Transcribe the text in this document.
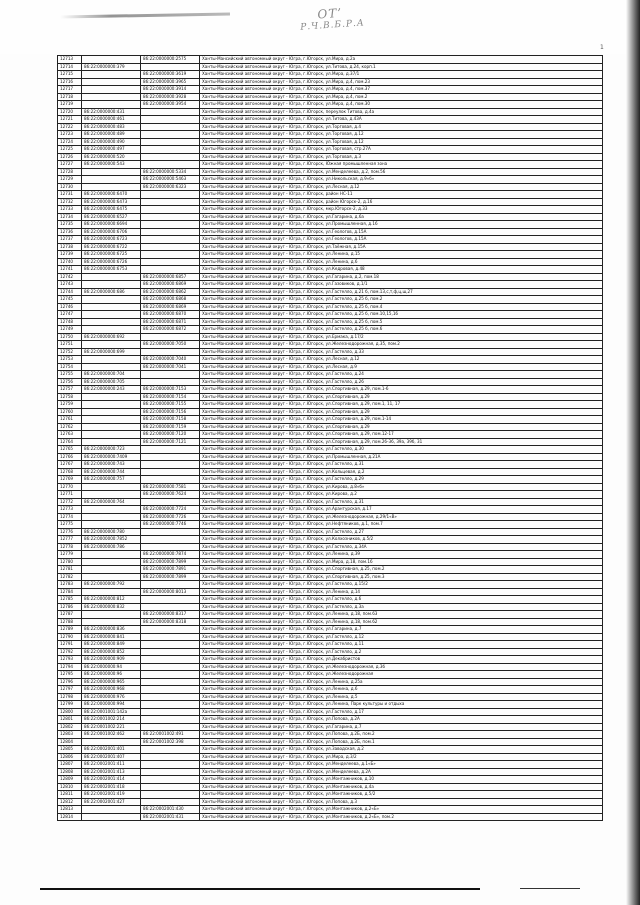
ОТ’
Р.Ч.В.Б.Р.А
1
12713		86:22:0000000:2575	Ханты-Мансийский автономный округ - Югра, г.Югорск, ул.Мира, д.2а
12714	86:22:0000000:379		Ханты-Мансийский автономный округ - Югра, г.Югорск, ул.Титова, д.24, корп.1
12715		86:22:0000000:3619	Ханты-Мансийский автономный округ - Югра, г.Югорск, ул.Мира, д.37/1
12716		86:22:0000000:3965	Ханты-Мансийский автономный округ - Югра, г.Югорск, ул.Мира, д.4, пом.23
12717		86:22:0000000:3914	Ханты-Мансийский автономный округ - Югра, г.Югорск, ул.Мира, д.4, пом.37
12718		86:22:0000000:3928	Ханты-Мансийский автономный округ - Югра, г.Югорск, ул.Мира, д.4, пом.2
12719		86:22:0000000:3954	Ханты-Мансийский автономный округ - Югра, г.Югорск, ул.Мира, д.4, пом.30
12720	86:22:0000000:431		Ханты-Мансийский автономный округ - Югра, г.Югорск, переулок Титова, д.4а
12721	86:22:0000000:461		Ханты-Мансийский автономный округ - Югра, г.Югорск, ул.Титова, д.43А
12722	86:22:0000000:483		Ханты-Мансийский автономный округ - Югра, г.Югорск, ул.Торговая, д.4
12723	86:22:0000000:489		Ханты-Мансийский автономный округ - Югра, г.Югорск, ул.Торговая, д.12
12724	86:22:0000000:490		Ханты-Мансийский автономный округ - Югра, г.Югорск, ул.Торговая, д.12
12725	86:22:0000000:497		Ханты-Мансийский автономный округ - Югра, г.Югорск, ул.Торговая, стр.27А
12726	86:22:0000000:520		Ханты-Мансийский автономный округ - Югра, г.Югорск, ул.Торговая, д.3
12727	86:22:0000000:543		Ханты-Мансийский автономный округ - Югра, г.Югорск, Южная промышленная зона
12728		86:22:0000000:5334	Ханты-Мансийский автономный округ - Югра, г.Югорск, ул.Менделеева, д.2, пом.56
12729		86:22:0000000:5463	Ханты-Мансийский автономный округ - Югра, г.Югорск, ул.Никольская, д.9«б»
12730		86:22:0000000:6323	Ханты-Мансийский автономный округ - Югра, г.Югорск, ул.Лесная, д.12
12731	86:22:0000000:6470		Ханты-Мансийский автономный округ - Югра, г.Югорск, район НС-11
12732	86:22:0000000:6473		Ханты-Мансийский автономный округ - Югра, г.Югорск, район Югорск-2, д.16
12733	86:22:0000000:6475		Ханты-Мансийский автономный округ - Югра, г.Югорск, мкр.Югорск-2, д.33
12734	86:22:0000000:6527		Ханты-Мансийский автономный округ - Югра, г.Югорск, ул.Гагарина, д.6а
12735	86:22:0000000:6694		Ханты-Мансийский автономный округ - Югра, г.Югорск, ул.Промышленная, д.16
12736	86:22:0000000:6706		Ханты-Мансийский автономный округ - Югра, г.Югорск, ул.Геологов, д.15А
12737	86:22:0000000:6723		Ханты-Мансийский автономный округ - Югра, г.Югорск, ул.Геологов, д.15А
12738	86:22:0000000:6722		Ханты-Мансийский автономный округ - Югра, г.Югорск, ул.Таёжная, д.15А
12739	86:22:0000000:6725		Ханты-Мансийский автономный округ - Югра, г.Югорск, ул.Ленина, д.15
12740	86:22:0000000:6726		Ханты-Мансийский автономный округ - Югра, г.Югорск, ул.Ленина, д.6
12741	86:22:0000000:6753		Ханты-Мансийский автономный округ - Югра, г.Югорск, ул.Кедровая, д.48
12742		86:22:0000000:6857	Ханты-Мансийский автономный округ - Югра, г.Югорск, ул.Гагарина, д.2, пом.18
12743		86:22:0000000:6869	Ханты-Мансийский автономный округ - Югра, г.Югорск, ул.Газовиков, д.1/1
12744	86:22:0000000:686	86:22:0000000:6862	Ханты-Мансийский автономный округ - Югра, г.Югорск, ул.Гастелло, д.21 б, пом.13,с,т,ф,ц,ш,27
12745		86:22:0000000:6868	Ханты-Мансийский автономный округ - Югра, г.Югорск, ул.Гастелло, д.25 б, пом.2
12746		86:22:0000000:6869	Ханты-Мансийский автономный округ - Югра, г.Югорск, ул.Гастелло, д.25 б, пом.4
12747		86:22:0000000:6870	Ханты-Мансийский автономный округ - Югра, г.Югорск, ул.Гастелло, д.25 б, пом.10,15,16
12748		86:22:0000000:6871	Ханты-Мансийский автономный округ - Югра, г.Югорск, ул.Гастелло, д.25 б, пом.5
12749		86:22:0000000:6872	Ханты-Мансийский автономный округ - Югра, г.Югорск, ул.Гастелло, д.25 б, пом.6
12750	86:22:0000000:692		Ханты-Мансийский автономный округ - Югра, г.Югорск, ул.Ермака, д.17/2
12751		86:22:0000000:7050	Ханты-Мансийский автономный округ - Югра, г.Югорск, ул.Железнодорожная, д.35, пом.2
12752	86:22:0000000:699		Ханты-Мансийский автономный округ - Югра, г.Югорск, ул.Гастелло, д.33
12753		86:22:0000000:7040	Ханты-Мансийский автономный округ - Югра, г.Югорск, ул.Лесная, д.12
12754		86:22:0000000:7041	Ханты-Мансийский автономный округ - Югра, г.Югорск, ул.Лесная, д.9
12755	86:22:0000000:704		Ханты-Мансийский автономный округ - Югра, г.Югорск, ул.Гастелло, д.24
12756	86:22:0000000:705		Ханты-Мансийский автономный округ - Югра, г.Югорск, ул.Гастелло, д.26
12757	86:22:0000000:243	86:22:0000000:7153	Ханты-Мансийский автономный округ - Югра, г.Югорск, ул.Спортивная, д.29, пом.1-6
12758		86:22:0000000:7154	Ханты-Мансийский автономный округ - Югра, г.Югорск, ул.Спортивная, д.29
12759		86:22:0000000:7155	Ханты-Мансийский автономный округ - Югра, г.Югорск, ул.Спортивная, д.29, пом.1, 11, 17
12760		86:22:0000000:7156	Ханты-Мансийский автономный округ - Югра, г.Югорск, ул.Спортивная, д.29
12761		86:22:0000000:7158	Ханты-Мансийский автономный округ - Югра, г.Югорск, ул.Спортивная, д.29, пом.1-14
12762		86:22:0000000:7159	Ханты-Мансийский автономный округ - Югра, г.Югорск, ул.Спортивная, д.29
12763		86:22:0000000:7120	Ханты-Мансийский автономный округ - Югра, г.Югорск, ул.Спортивная, д.29, пом.12-17
12764		86:22:0000000:7121	Ханты-Мансийский автономный округ - Югра, г.Югорск, ул.Спортивная, д.29, пом.26-36, 39а, 39б, 31
12765	86:22:0000000:723		Ханты-Мансийский автономный округ - Югра, г.Югорск, ул.Гастелло, д.30
12766	86:22:0000000:7409		Ханты-Мансийский автономный округ - Югра, г.Югорск, ул.Промышленная, д.21А
12767	86:22:0000000:743		Ханты-Мансийский автономный округ - Югра, г.Югорск, ул.Гастелло, д.31
12768	86:22:0000000:744		Ханты-Мансийский автономный округ - Югра, г.Югорск, ул.Кольцевая, д.2
12769	86:22:0000000:757		Ханты-Мансийский автономный округ - Югра, г.Югорск, ул.Гастелло, д.29
12770		86:22:0000000:7581	Ханты-Мансийский автономный округ - Югра, г.Югорск, ул.Кирова, д.8«б»
12771		86:22:0000000:7624	Ханты-Мансийский автономный округ - Югра, г.Югорск, ул.Кирова, д.2
12772	86:22:0000000:764		Ханты-Мансийский автономный округ - Югра, г.Югорск, ул.Гастелло, д.31
12773		86:22:0000000:7724	Ханты-Мансийский автономный округ - Югра, г.Югорск, ул.Арантурская, д.17
12774		86:22:0000000:7726	Ханты-Мансийский автономный округ - Югра, г.Югорск, ул.Железнодорожная, д.29/1«В»
12775		86:22:0000000:7746	Ханты-Мансийский автономный округ - Югра, г.Югорск, ул.Нефтяников, д.1, пом.7
12776	86:22:0000000:780		Ханты-Мансийский автономный округ - Югра, г.Югорск, ул.Гастелло, д.27
12777	86:22:0000000:7852		Ханты-Мансийский автономный округ - Югра, г.Югорск, ул.Колхозников, д.5/2
12778	86:22:0000000:786		Ханты-Мансийский автономный округ - Югра, г.Югорск, ул.Гастелло, д.34А
12779		86:22:0000000:7874	Ханты-Мансийский автономный округ - Югра, г.Югорск, ул.Ленина, д.39
12780		86:22:0000000:7899	Ханты-Мансийский автономный округ - Югра, г.Югорск, ул.Мира, д.18, пом.16
12781		86:22:0000000:7891	Ханты-Мансийский автономный округ - Югра, г.Югорск, ул.Спортивная, д.25, пом.2
12782		86:22:0000000:7899	Ханты-Мансийский автономный округ - Югра, г.Югорск, ул.Спортивная, д.25, пом.3
12783	86:22:0000000:792		Ханты-Мансийский автономный округ - Югра, г.Югорск, ул.Гастелло, д.15/2
12784		86:22:0000000:8013	Ханты-Мансийский автономный округ - Югра, г.Югорск, ул.Ленина, д.14
12785	86:22:0000000:812		Ханты-Мансийский автономный округ - Югра, г.Югорск, ул.Гастелло, д.6
12786	86:22:0000000:832		Ханты-Мансийский автономный округ - Югра, г.Югорск, ул.Гастелло, д.3а
12787		86:22:0000000:8317	Ханты-Мансийский автономный округ - Югра, г.Югорск, ул.Ленина, д.18, пом.63
12788		86:22:0000000:8318	Ханты-Мансийский автономный округ - Югра, г.Югорск, ул.Ленина, д.18, пом.62
12789	86:22:0000000:836		Ханты-Мансийский автономный округ - Югра, г.Югорск, ул.Гагарина, д.7
12790	86:22:0000000:841		Ханты-Мансийский автономный округ - Югра, г.Югорск, ул.Гастелло, д.12
12791	86:22:0000000:849		Ханты-Мансийский автономный округ - Югра, г.Югорск, ул.Гастелло, д.11
12792	86:22:0000000:852		Ханты-Мансийский автономный округ - Югра, г.Югорск, ул.Гастелло, д.2
12793	86:22:0000000:909		Ханты-Мансийский автономный округ - Югра, г.Югорск, ул.Декабристов
12794	86:22:0000000:94		Ханты-Мансийский автономный округ - Югра, г.Югорск, ул.Железнодорожная, д.3б
12795	86:22:0000000:96		Ханты-Мансийский автономный округ - Югра, г.Югорск, ул.Железнодорожная
12796	86:22:0000000:965		Ханты-Мансийский автономный округ - Югра, г.Югорск, ул.Ленина, д.25а
12797	86:22:0000000:968		Ханты-Мансийский автономный округ - Югра, г.Югорск, ул.Ленина, д.6
12798	86:22:0000000:976		Ханты-Мансийский автономный округ - Югра, г.Югорск, ул.Ленина, д.5
12799	86:22:0000000:994		Ханты-Мансийский автономный округ - Югра, г.Югорск, ул.Ленина, Парк культуры и отдыха
12800	86:22:0001001:142а		Ханты-Мансийский автономный округ - Югра, г.Югорск, ул.Гастелло, д.17
12801	86:22:0001002:214		Ханты-Мансийский автономный округ - Югра, г.Югорск, ул.Попова, д.2А
12802	86:22:0001002:221		Ханты-Мансийский автономный округ - Югра, г.Югорск, ул.Гагарина, д.7
12803	86:22:0001002:462	86:22:0001002:491	Ханты-Мансийский автономный округ - Югра, г.Югорск, ул.Попова, д.2Б, пом.2
12804		86:22:0001002:398	Ханты-Мансийский автономный округ - Югра, г.Югорск, ул.Попова, д.2Б, пом.1
12805	86:22:0002001:401		Ханты-Мансийский автономный округ - Югра, г.Югорск, ул.Заводская, д.2
12806	86:22:0002001:407		Ханты-Мансийский автономный округ - Югра, г.Югорск, ул.Мира, д.3/2
12807	86:22:0002001:411		Ханты-Мансийский автономный округ - Югра, г.Югорск, ул.Менделеева, д.1«Б»
12808	86:22:0002001:413		Ханты-Мансийский автономный округ - Югра, г.Югорск, ул.Менделеева, д.2А
12809	86:22:0002001:414		Ханты-Мансийский автономный округ - Югра, г.Югорск, ул.Монтажников, д.10
12810	86:22:0002001:418		Ханты-Мансийский автономный округ - Югра, г.Югорск, ул.Монтажников, д.4а
12811	86:22:0002001:419		Ханты-Мансийский автономный округ - Югра, г.Югорск, ул.Монтажников, д.5/2
12812	86:22:0002001:427		Ханты-Мансийский автономный округ - Югра, г.Югорск, ул.Попова, д.3
12813		86:22:0002001:430	Ханты-Мансийский автономный округ - Югра, г.Югорск, ул.Монтажников, д.2«Б»
12814		86:22:0002001:431	Ханты-Мансийский автономный округ - Югра, г.Югорск, ул.Монтажников, д.2«Б», пом.2
